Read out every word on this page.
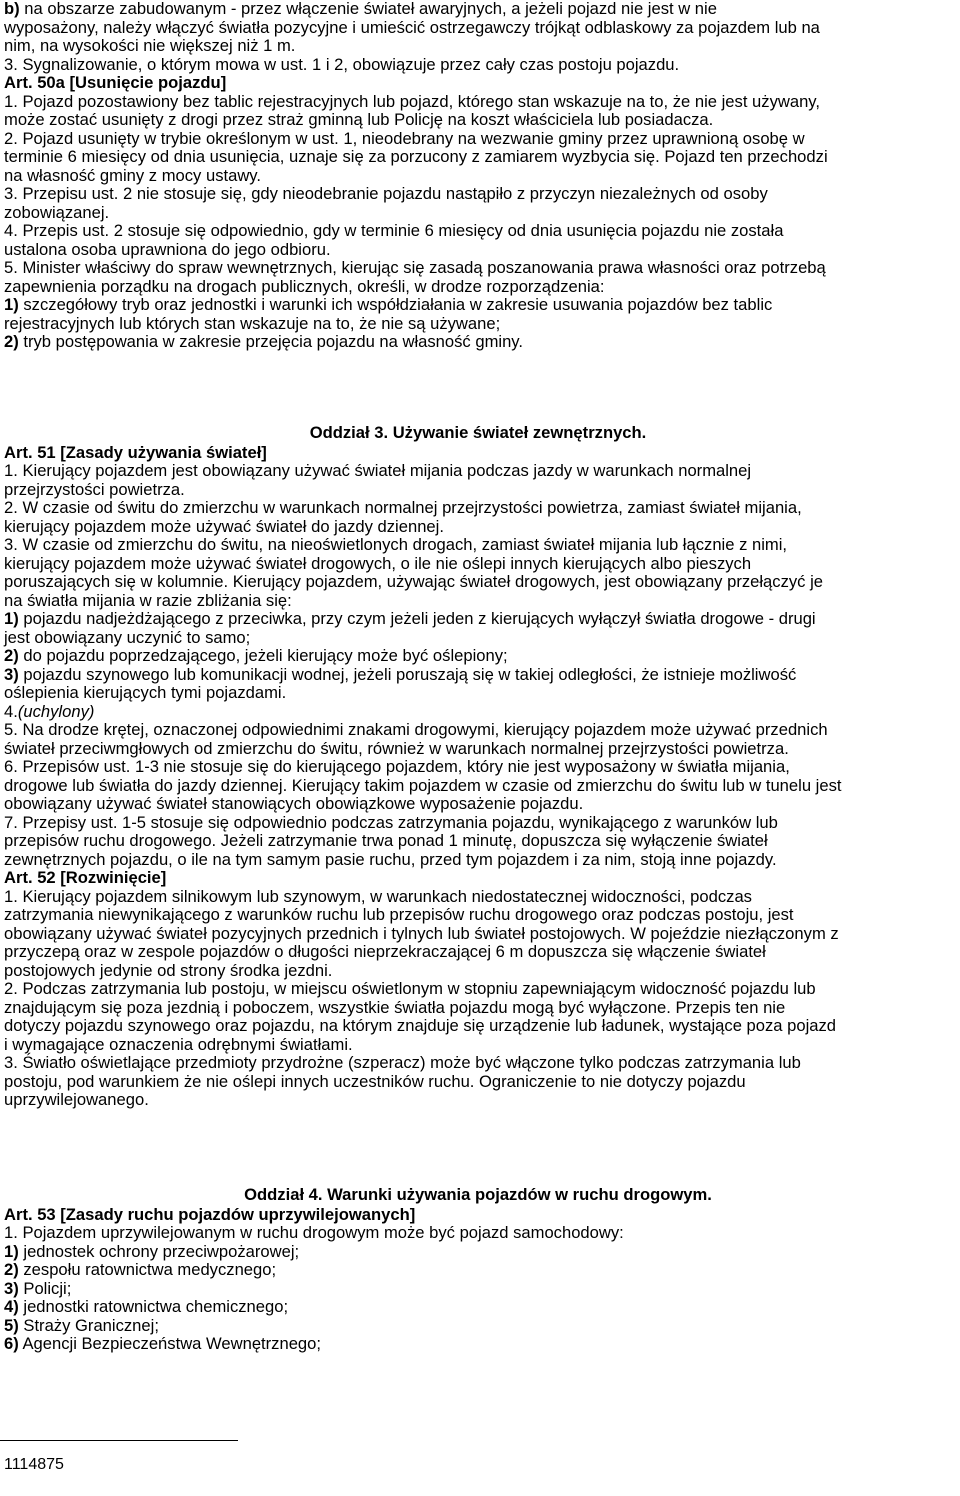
b) na obszarze zabudowanym - przez włączenie świateł awaryjnych, a jeżeli pojazd nie jest w nie
wyposażony, należy włączyć światła pozycyjne i umieścić ostrzegawczy trójkąt odblaskowy za pojazdem lub na
nim, na wysokości nie większej niż 1 m.
3. Sygnalizowanie, o którym mowa w ust. 1 i 2, obowiązuje przez cały czas postoju pojazdu.
Art. 50a [Usunięcie pojazdu]
1. Pojazd pozostawiony bez tablic rejestracyjnych lub pojazd, którego stan wskazuje na to, że nie jest używany,
może zostać usunięty z drogi przez straż gminną lub Policję na koszt właściciela lub posiadacza.
2. Pojazd usunięty w trybie określonym w ust. 1, nieodebrany na wezwanie gminy przez uprawnioną osobę w
terminie 6 miesięcy od dnia usunięcia, uznaje się za porzucony z zamiarem wyzbycia się. Pojazd ten przechodzi
na własność gminy z mocy ustawy.
3. Przepisu ust. 2 nie stosuje się, gdy nieodebranie pojazdu nastąpiło z przyczyn niezależnych od osoby
zobowiązanej.
4. Przepis ust. 2 stosuje się odpowiednio, gdy w terminie 6 miesięcy od dnia usunięcia pojazdu nie została
ustalona osoba uprawniona do jego odbioru.
5. Minister właściwy do spraw wewnętrznych, kierując się zasadą poszanowania prawa własności oraz potrzebą
zapewnienia porządku na drogach publicznych, określi, w drodze rozporządzenia:
1) szczegółowy tryb oraz jednostki i warunki ich współdziałania w zakresie usuwania pojazdów bez tablic
rejestracyjnych lub których stan wskazuje na to, że nie są używane;
2) tryb postępowania w zakresie przejęcia pojazdu na własność gminy.
Oddział 3. Używanie świateł zewnętrznych.
Art. 51 [Zasady używania świateł]
1. Kierujący pojazdem jest obowiązany używać świateł mijania podczas jazdy w warunkach normalnej
przejrzystości powietrza.
2. W czasie od świtu do zmierzchu w warunkach normalnej przejrzystości powietrza, zamiast świateł mijania,
kierujący pojazdem może używać świateł do jazdy dziennej.
3. W czasie od zmierzchu do świtu, na nieoświetlonych drogach, zamiast świateł mijania lub łącznie z nimi,
kierujący pojazdem może używać świateł drogowych, o ile nie oślepi innych kierujących albo pieszych
poruszających się w kolumnie. Kierujący pojazdem, używając świateł drogowych, jest obowiązany przełączyć je
na światła mijania w razie zbliżania się:
1) pojazdu nadjeżdżającego z przeciwka, przy czym jeżeli jeden z kierujących wyłączył światła drogowe - drugi
jest obowiązany uczynić to samo;
2) do pojazdu poprzedzającego, jeżeli kierujący może być oślepiony;
3) pojazdu szynowego lub komunikacji wodnej, jeżeli poruszają się w takiej odległości, że istnieje możliwość
oślepienia kierujących tymi pojazdami.
4.(uchylony)
5. Na drodze krętej, oznaczonej odpowiednimi znakami drogowymi, kierujący pojazdem może używać przednich
świateł przeciwmgłowych od zmierzchu do świtu, również w warunkach normalnej przejrzystości powietrza.
6. Przepisów ust. 1-3 nie stosuje się do kierującego pojazdem, który nie jest wyposażony w światła mijania,
drogowe lub światła do jazdy dziennej. Kierujący takim pojazdem w czasie od zmierzchu do świtu lub w tunelu jest
obowiązany używać świateł stanowiących obowiązkowe wyposażenie pojazdu.
7. Przepisy ust. 1-5 stosuje się odpowiednio podczas zatrzymania pojazdu, wynikającego z warunków lub
przepisów ruchu drogowego. Jeżeli zatrzymanie trwa ponad 1 minutę, dopuszcza się wyłączenie świateł
zewnętrznych pojazdu, o ile na tym samym pasie ruchu, przed tym pojazdem i za nim, stoją inne pojazdy.
Art. 52 [Rozwinięcie]
1. Kierujący pojazdem silnikowym lub szynowym, w warunkach niedostatecznej widoczności, podczas
zatrzymania niewynikającego z warunków ruchu lub przepisów ruchu drogowego oraz podczas postoju, jest
obowiązany używać świateł pozycyjnych przednich i tylnych lub świateł postojowych. W pojeździe niezłączonym z
przyczepą oraz w zespole pojazdów o długości nieprzekraczającej 6 m dopuszcza się włączenie świateł
postojowych jedynie od strony środka jezdni.
2. Podczas zatrzymania lub postoju, w miejscu oświetlonym w stopniu zapewniającym widoczność pojazdu lub
znajdującym się poza jezdnią i poboczem, wszystkie światła pojazdu mogą być wyłączone. Przepis ten nie
dotyczy pojazdu szynowego oraz pojazdu, na którym znajduje się urządzenie lub ładunek, wystające poza pojazd
i wymagające oznaczenia odrębnymi światłami.
3. Światło oświetlające przedmioty przydrożne (szperacz) może być włączone tylko podczas zatrzymania lub
postoju, pod warunkiem że nie oślepi innych uczestników ruchu. Ograniczenie to nie dotyczy pojazdu
uprzywilejowanego.
Oddział 4. Warunki używania pojazdów w ruchu drogowym.
Art. 53 [Zasady ruchu pojazdów uprzywilejowanych]
1. Pojazdem uprzywilejowanym w ruchu drogowym może być pojazd samochodowy:
1) jednostek ochrony przeciwpożarowej;
2) zespołu ratownictwa medycznego;
3) Policji;
4) jednostki ratownictwa chemicznego;
5) Straży Granicznej;
6) Agencji Bezpieczeństwa Wewnętrznego;
1114875
